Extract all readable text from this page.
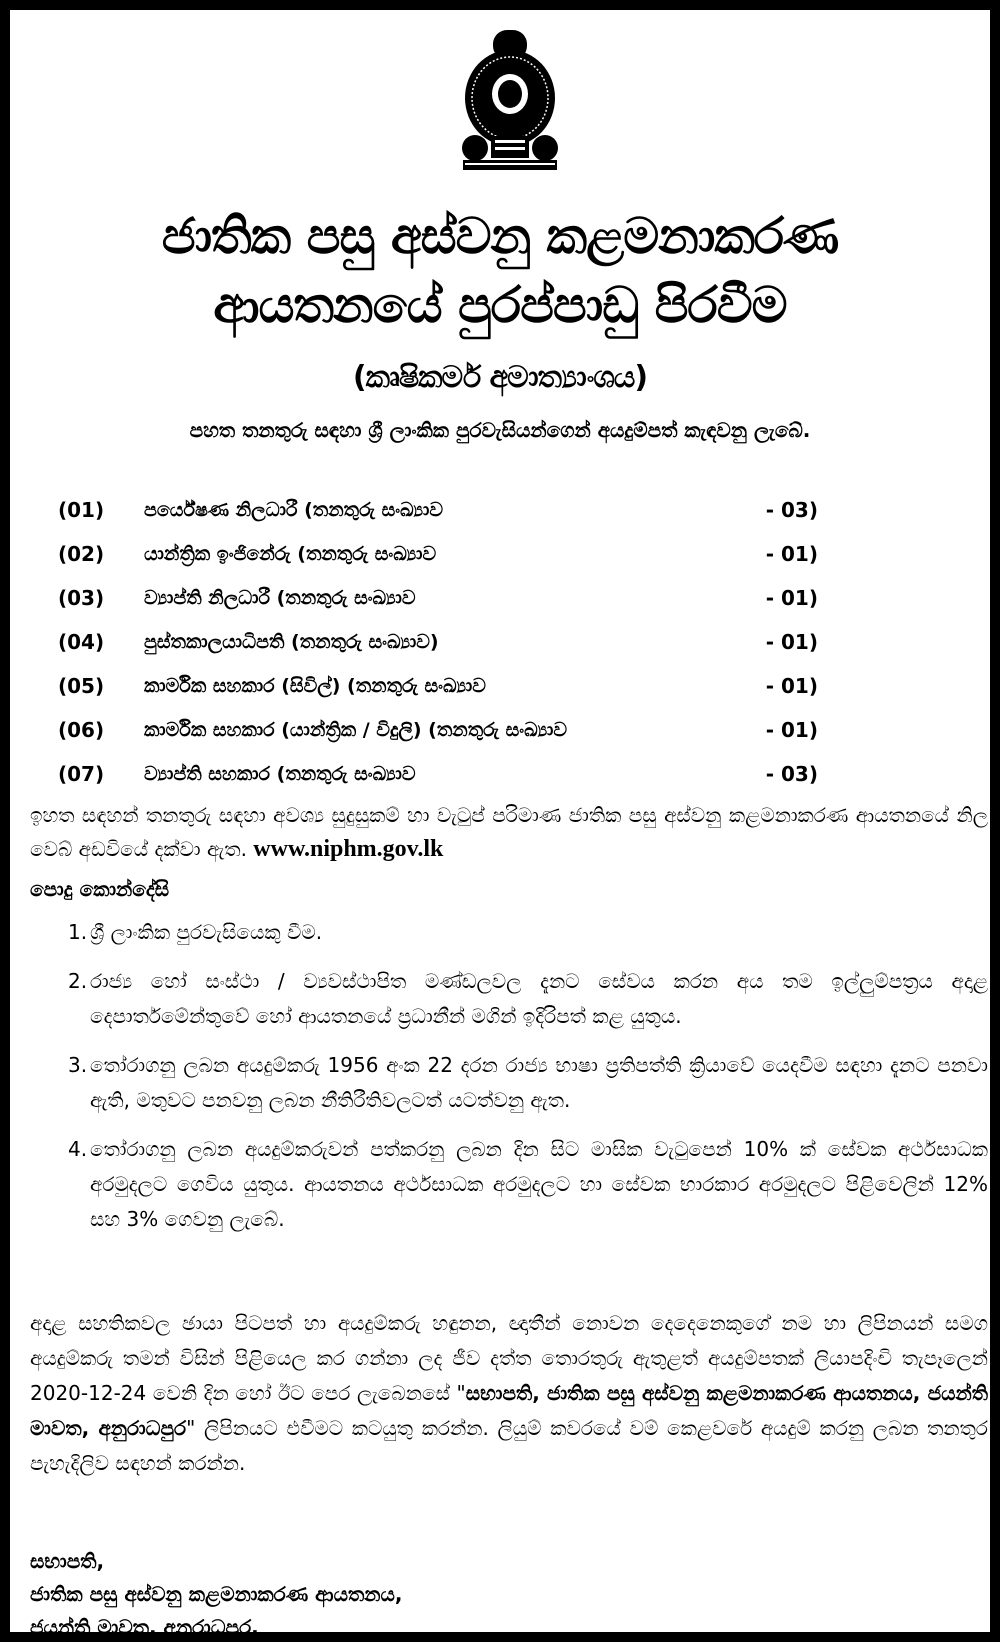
ජාතික පසු අස්වනු කළමනාකරණ
ආයතනයේ පුරප්පාඩු පිරවීම
(කෘෂිකර්ම අමාත්‍යාංශය)
පහත තනතුරු සඳහා ශ්‍රී ලාංකික පුරවැසියන්ගෙන් අයදුම්පත් කැඳවනු ලැබේ.
(01) පර්යේෂණ නිලධාරී (තනතුරු සංඛ්‍යාව	- 03)
(02) යාන්ත්‍රික ඉංජිනේරු (තනතුරු සංඛ්‍යාව	- 01)
(03) ව්‍යාප්ති නිලධාරී (තනතුරු සංඛ්‍යාව	- 01)
(04) පුස්තකාලයාධිපති (තනතුරු සංඛ්‍යාව)	- 01)
(05) කාර්මික සහකාර (සිවිල්) (තනතුරු සංඛ්‍යාව	- 01)
(06) කාර්මික සහකාර (යාන්ත්‍රික / විදුලි) (තනතුරු සංඛ්‍යාව	- 01)
(07) ව්‍යාප්ති සහකාර (තනතුරු සංඛ්‍යාව	- 03)
ඉහත සඳහන් තනතුරු සඳහා අවශ්‍ය සුදුසුකම් හා වැටුප් පරිමාණ ජාතික පසු අස්වනු කළමනාකරණ ආයතනයේ නිල වෙබ් අඩවියේ දක්වා ඇත. www.niphm.gov.lk
පොදු කොන්දේසි
1. ශ්‍රී ලාංකික පුරවැසියෙකු වීම.
2. රාජ්‍ය හෝ සංස්ථා / ව්‍යවස්ථාපිත මණ්ඩලවල දැනට සේවය කරන අය තම ඉල්ලුම්පත්‍රය අදාළ දෙපාර්තමේන්තුවේ හෝ ආයතනයේ ප්‍රධානීන් මගින් ඉදිරිපත් කළ යුතුය.
3. තෝරාගනු ලබන අයදුම්කරු 1956 අංක 22 දරන රාජ්‍ය භාෂා ප්‍රතිපත්ති ක්‍රියාවේ යෙදවීම සඳහා දැනට පනවා ඇති, මතුවට පනවනු ලබන නීතිරීතිවලටත් යටත්වනු ඇත.
4. තෝරාගනු ලබන අයදුම්කරුවන් පත්කරනු ලබන දින සිට මාසික වැටුපෙන් 10% ක් සේවක අර්ථසාධක අරමුදලට ගෙවිය යුතුය. ආයතනය අර්ථසාධක අරමුදලට හා සේවක භාරකාර අරමුදලට පිළිවෙලින් 12% සහ 3% ගෙවනු ලැබේ.
අදාළ සහතිකවල ඡායා පිටපත් හා අයදුම්කරු හඳුනන, ඥාතීන් නොවන දෙදෙනෙකුගේ නම හා ලිපිනයන් සමග අයදුම්කරු තමන් විසින් පිළියෙල කර ගන්නා ලද ජීව දත්ත තොරතුරු ඇතුළත් අයදුම්පතක් ලියාපදිංචි තැපෑලෙන් 2020-12-24 වෙනි දින හෝ ඊට පෙර ලැබෙනසේ "සභාපති, ජාතික පසු අස්වනු කළමනාකරණ ආයතනය, ජයන්ති මාවත, අනුරාධපුර" ලිපිනයට එවීමට කටයුතු කරන්න. ලියුම් කවරයේ වම් කෙළවරේ අයදුම් කරනු ලබන තනතුර පැහැදිලිව සඳහන් කරන්න.
සභාපති,
ජාතික පසු අස්වනු කළමනාකරණ ආයතනය,
ජයන්ති මාවත, අනුරාධපුර.
